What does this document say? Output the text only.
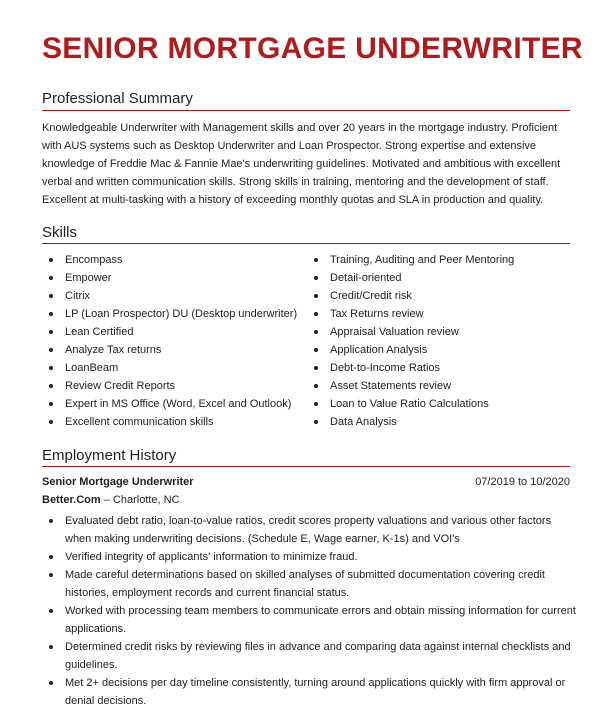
SENIOR MORTGAGE UNDERWRITER
Professional Summary

Knowledgeable Underwriter with Management skills and over 20 years in the mortgage industry. Proficient with AUS systems such as Desktop Underwriter and Loan Prospector. Strong expertise and extensive knowledge of Freddie Mac & Fannie Mae's underwriting guidelines. Motivated and ambitious with excellent verbal and written communication skills. Strong skills in training, mentoring and the development of staff. Excellent at multi-tasking with a history of exceeding monthly quotas and SLA in production and quality.

Skills
Encompass
Empower
Citrix
LP (Loan Prospector) DU (Desktop underwriter)
Lean Certified
Analyze Tax returns
LoanBeam
Review Credit Reports
Expert in MS Office (Word, Excel and Outlook)
Excellent communication skills
Training, Auditing and Peer Mentoring
Detail-oriented
Credit/Credit risk
Tax Returns review
Appraisal Valuation review
Application Analysis
Debt-to-Income Ratios
Asset Statements review
Loan to Value Ratio Calculations
Data Analysis
Employment History
Senior Mortgage Underwriter	07/2019 to 10/2020
Better.Com – Charlotte, NC
Evaluated debt ratio, loan-to-value ratios, credit scores property valuations and various other factors when making underwriting decisions. (Schedule E, Wage earner, K-1s) and VOI's
Verified integrity of applicants' information to minimize fraud.
Made careful determinations based on skilled analyses of submitted documentation covering credit histories, employment records and current financial status.
Worked with processing team members to communicate errors and obtain missing information for current applications.
Determined credit risks by reviewing files in advance and comparing data against internal checklists and guidelines.
Met 2+ decisions per day timeline consistently, turning around applications quickly with firm approval or denial decisions.
